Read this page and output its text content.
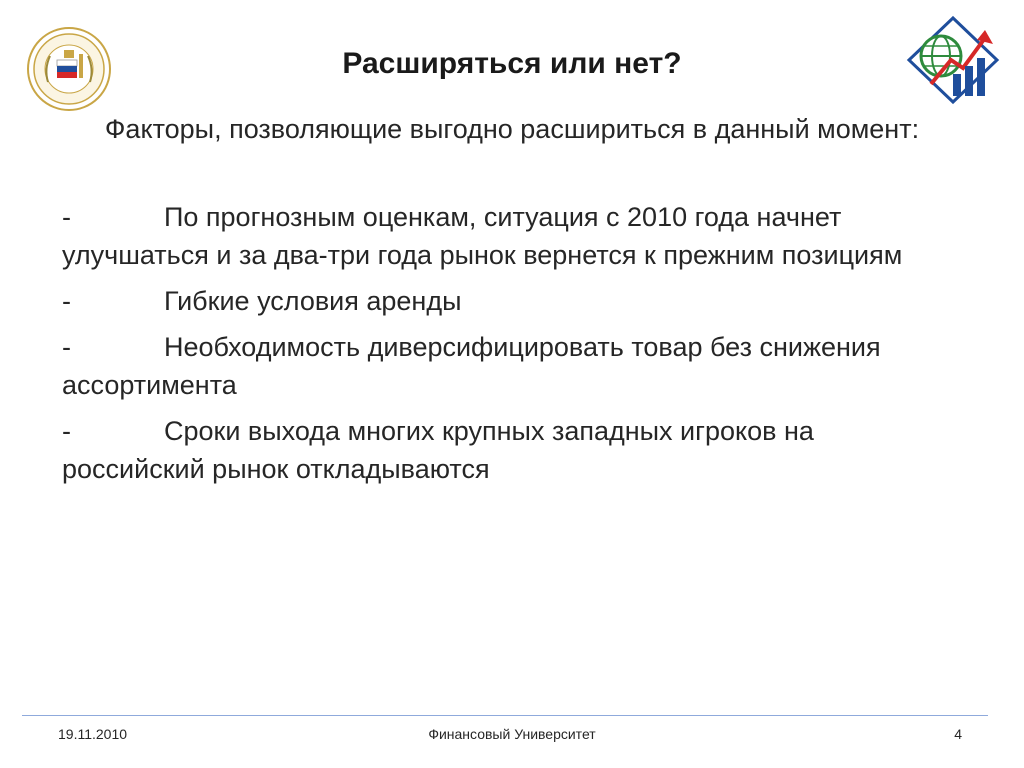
Расширяться или нет?
Факторы, позволяющие выгодно расшириться в данный момент:
-	По прогнозным оценкам, ситуация с 2010 года начнет улучшаться и за два-три года рынок вернется к прежним позициям
-	Гибкие условия аренды
-	Необходимость диверсифицировать товар без снижения ассортимента
-	Сроки выхода многих крупных западных игроков на российский рынок откладываются
19.11.2010	Финансовый Университет	4
